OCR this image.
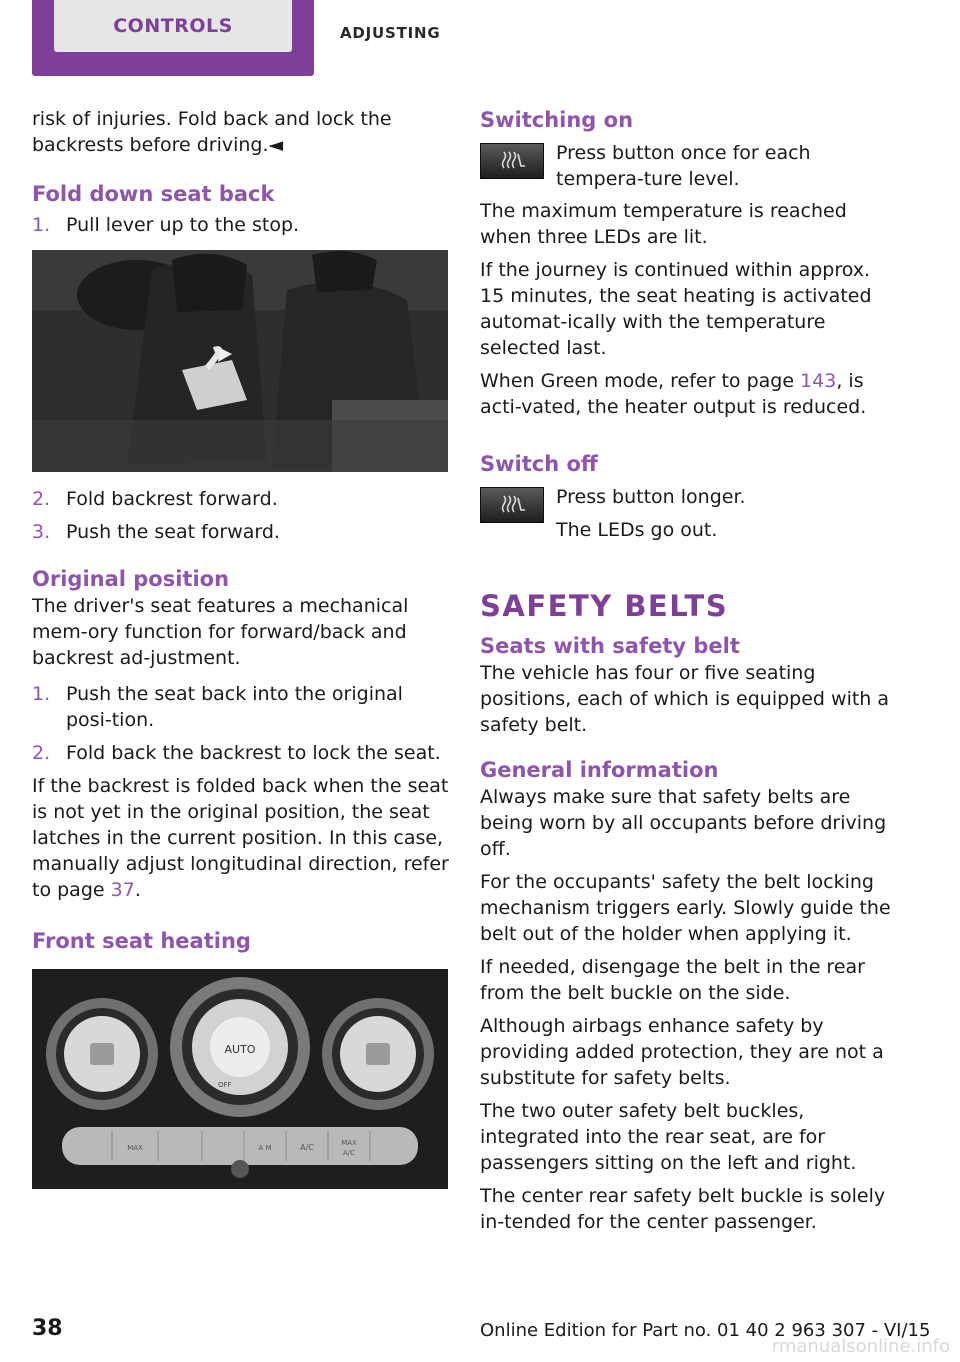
CONTROLS	ADJUSTING

risk of injuries. Fold back and lock the backrests before driving.◄

Fold down seat back
1. Pull lever up to the stop.
2. Fold backrest forward.
3. Push the seat forward.
Original position

The driver's seat features a mechanical mem‐ory function for forward/back and backrest ad‐justment.

1. Push the seat back into the original posi‐tion.
2. Fold back the backrest to lock the seat.

If the backrest is folded back when the seat is not yet in the original position, the seat latches in the current position. In this case, manually adjust longitudinal direction, refer to page 37.

Front seat heating
AUTO
OFF
MAX	A M	A/C	MAX
A/C
Switching on

Press button once for each tempera‐ture level.

The maximum temperature is reached when three LEDs are lit.

If the journey is continued within approx. 15 minutes, the seat heating is activated automat‐ically with the temperature selected last.

When Green mode, refer to page 143, is acti‐vated, the heater output is reduced.

Switch off

Press button longer.

The LEDs go out.

SAFETY BELTS
Seats with safety belt

The vehicle has four or five seating positions, each of which is equipped with a safety belt.

General information

Always make sure that safety belts are being worn by all occupants before driving off.

For the occupants' safety the belt locking mechanism triggers early. Slowly guide the belt out of the holder when applying it.

If needed, disengage the belt in the rear from the belt buckle on the side.

Although airbags enhance safety by providing added protection, they are not a substitute for safety belts.

The two outer safety belt buckles, integrated into the rear seat, are for passengers sitting on the left and right.

The center rear safety belt buckle is solely in‐tended for the center passenger.

38	Online Edition for Part no. 01 40 2 963 307 - VI/15
rmanualsonline.info
